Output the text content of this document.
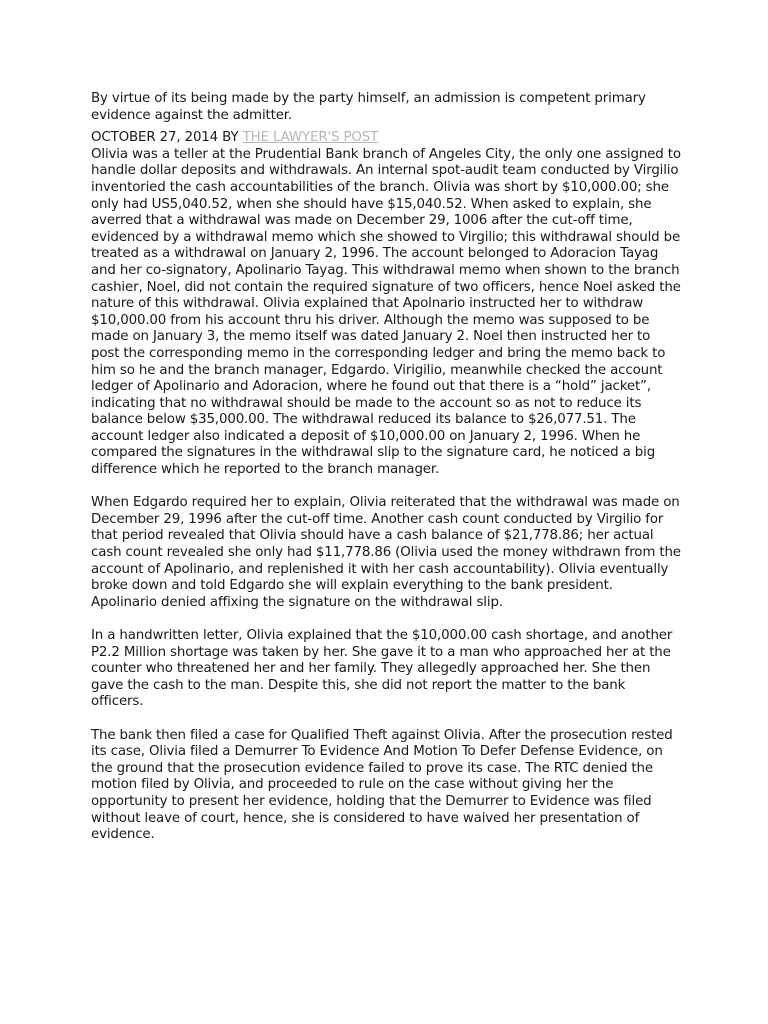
By virtue of its being made by the party himself, an admission is competent primary evidence against the admitter.

OCTOBER 27, 2014 BY THE LAWYER'S POST

Olivia was a teller at the Prudential Bank branch of Angeles City, the only one assigned to handle dollar deposits and withdrawals. An internal spot-audit team conducted by Virgilio inventoried the cash accountabilities of the branch. Olivia was short by $10,000.00; she only had US5,040.52, when she should have $15,040.52. When asked to explain, she averred that a withdrawal was made on December 29, 1006 after the cut-off time, evidenced by a withdrawal memo which she showed to Virgilio; this withdrawal should be treated as a withdrawal on January 2, 1996. The account belonged to Adoracion Tayag and her co-signatory, Apolinario Tayag. This withdrawal memo when shown to the branch cashier, Noel, did not contain the required signature of two officers, hence Noel asked the nature of this withdrawal. Olivia explained that Apolnario instructed her to withdraw $10,000.00 from his account thru his driver. Although the memo was supposed to be made on January 3, the memo itself was dated January 2. Noel then instructed her to post the corresponding memo in the corresponding ledger and bring the memo back to him so he and the branch manager, Edgardo. Virigilio, meanwhile checked the account ledger of Apolinario and Adoracion, where he found out that there is a “hold” jacket”, indicating that no withdrawal should be made to the account so as not to reduce its balance below $35,000.00. The withdrawal reduced its balance to $26,077.51. The account ledger also indicated a deposit of $10,000.00 on January 2, 1996. When he compared the signatures in the withdrawal slip to the signature card, he noticed a big difference which he reported to the branch manager.

When Edgardo required her to explain, Olivia reiterated that the withdrawal was made on December 29, 1996 after the cut-off time. Another cash count conducted by Virgilio for that period revealed that Olivia should have a cash balance of $21,778.86; her actual cash count revealed she only had $11,778.86 (Olivia used the money withdrawn from the account of Apolinario, and replenished it with her cash accountability). Olivia eventually broke down and told Edgardo she will explain everything to the bank president. Apolinario denied affixing the signature on the withdrawal slip.

In a handwritten letter, Olivia explained that the $10,000.00 cash shortage, and another P2.2 Million shortage was taken by her. She gave it to a man who approached her at the counter who threatened her and her family. They allegedly approached her. She then gave the cash to the man. Despite this, she did not report the matter to the bank officers.

The bank then filed a case for Qualified Theft against Olivia. After the prosecution rested its case, Olivia filed a Demurrer To Evidence And Motion To Defer Defense Evidence, on the ground that the prosecution evidence failed to prove its case. The RTC denied the motion filed by Olivia, and proceeded to rule on the case without giving her the opportunity to present her evidence, holding that the Demurrer to Evidence was filed without leave of court, hence, she is considered to have waived her presentation of evidence.
